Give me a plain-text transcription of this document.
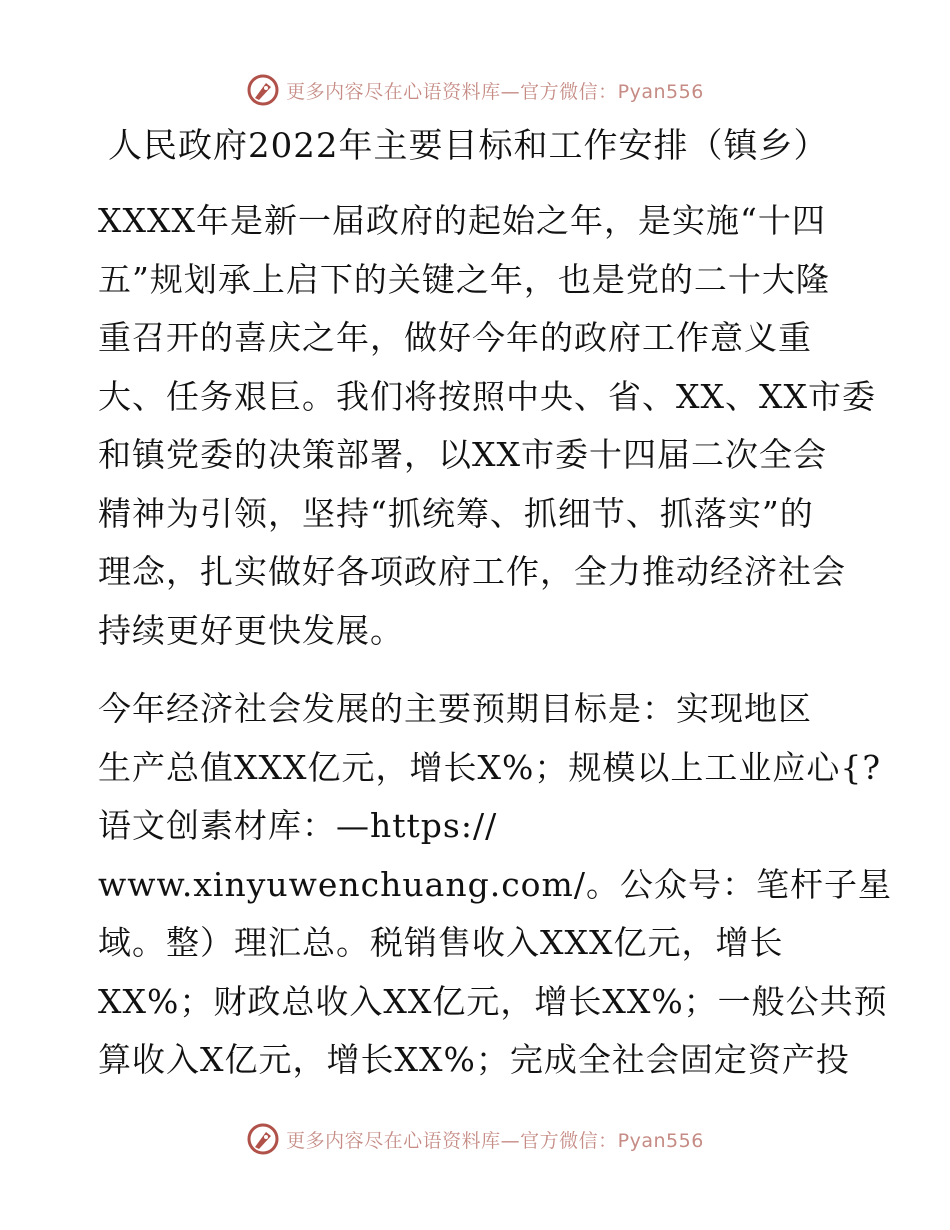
更多内容尽在心语资料库—官方微信：Pyan556
人民政府2022年主要目标和工作安排（镇乡）
XXXX年是新一届政府的起始之年，是实施“十四
五”规划承上启下的关键之年，也是党的二十大隆
重召开的喜庆之年，做好今年的政府工作意义重
大、任务艰巨。我们将按照中央、省、XX、XX市委
和镇党委的决策部署，以XX市委十四届二次全会
精神为引领，坚持“抓统筹、抓细节、抓落实”的
理念，扎实做好各项政府工作，全力推动经济社会
持续更好更快发展。
今年经济社会发展的主要预期目标是：实现地区
生产总值XXX亿元，增长X%；规模以上工业应心{?
语文创素材库：—https://
www.xinyuwenchuang.com/。公众号：笔杆子星
域。整）理汇总。税销售收入XXX亿元，增长
XX%；财政总收入XX亿元，增长XX%；一般公共预
算收入X亿元，增长XX%；完成全社会固定资产投
更多内容尽在心语资料库—官方微信：Pyan556
